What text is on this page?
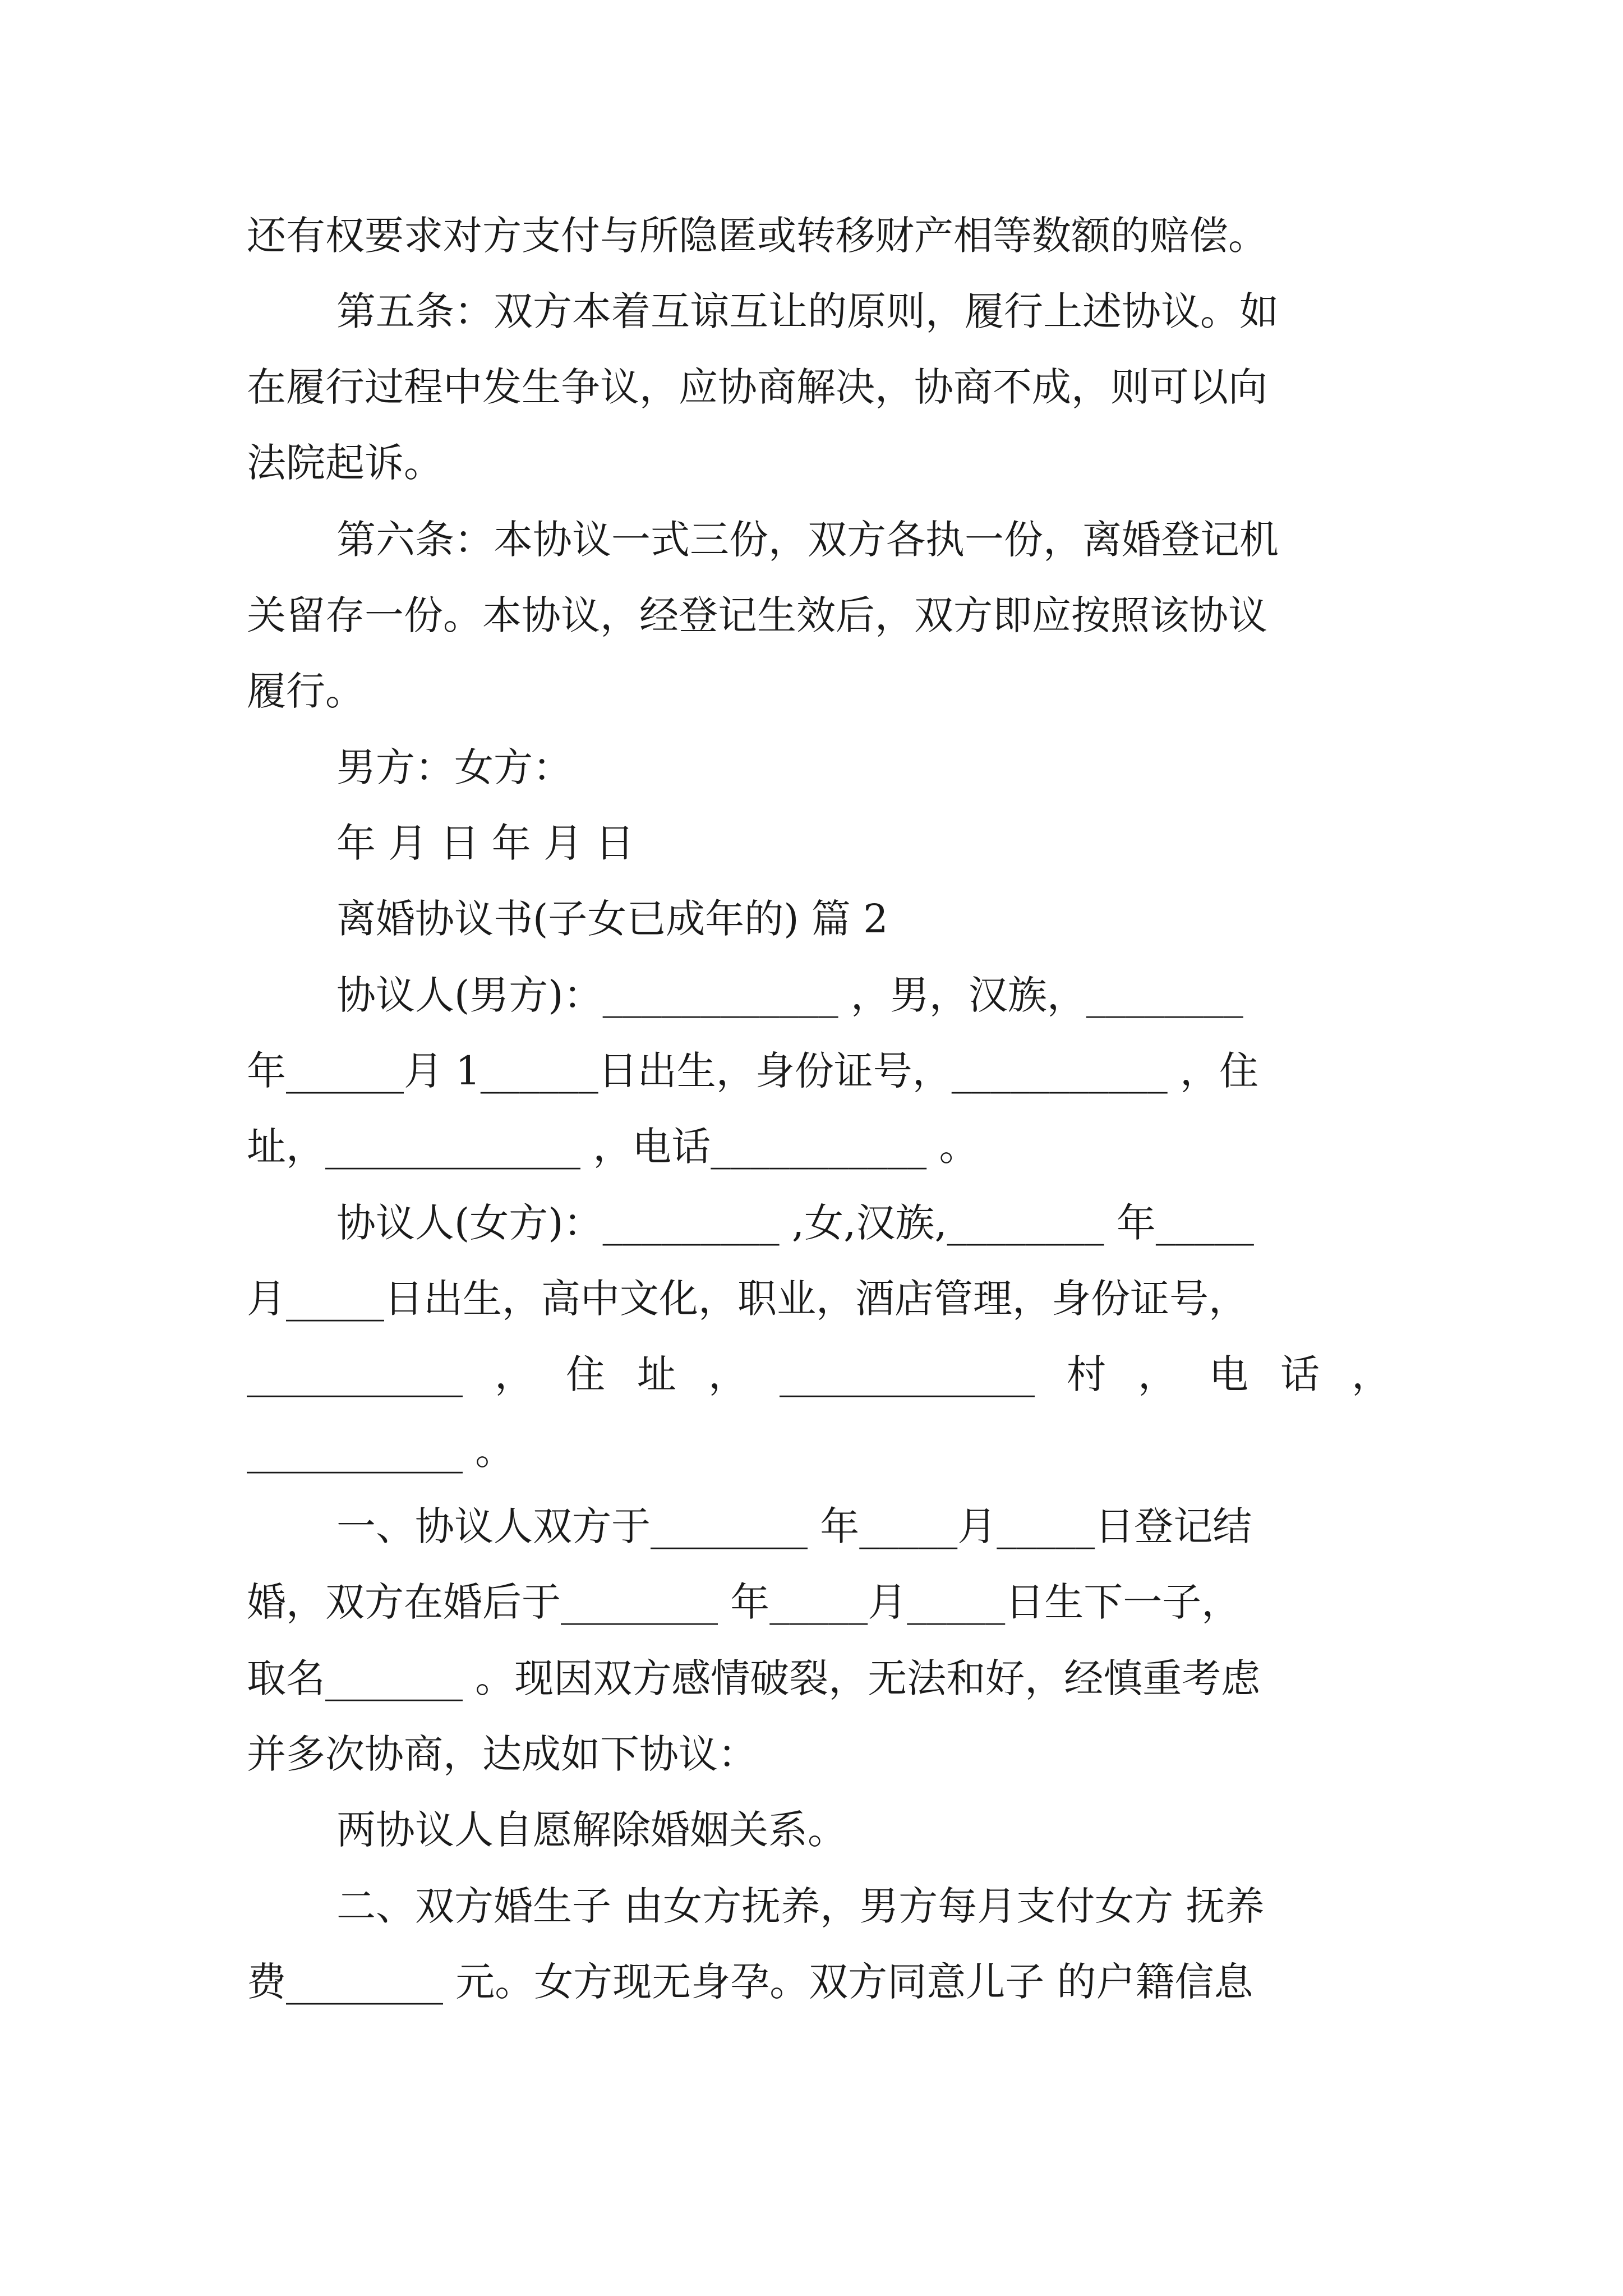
还有权要求对方支付与所隐匿或转移财产相等数额的赔偿。

第五条：双方本着互谅互让的原则，履行上述协议。如

在履行过程中发生争议，应协商解决，协商不成，则可以向

法院起诉。

第六条：本协议一式三份，双方各执一份，离婚登记机

关留存一份。本协议，经登记生效后，双方即应按照该协议

履行。

男方：女方：

年 月 日 年 月 日

离婚协议书(子女已成年的) 篇 2

协议人(男方)：____________ ，男，汉族，________

年______月 1______日出生，身份证号，___________ ，住

址，_____________ ，电话___________ 。

协议人(女方)：_________ ,女,汉族,________ 年_____

月_____日出生，高中文化，职业，酒店管理，身份证号，

___________ ， 住 址 ， _____________ 村 ， 电 话 ，

___________ 。

一、协议人双方于________ 年_____月_____日登记结

婚，双方在婚后于________ 年_____月_____日生下一子，

取名_______ 。现因双方感情破裂，无法和好，经慎重考虑

并多次协商，达成如下协议：

两协议人自愿解除婚姻关系。

二、双方婚生子 由女方抚养，男方每月支付女方 抚养

费________ 元。女方现无身孕。双方同意儿子 的户籍信息
